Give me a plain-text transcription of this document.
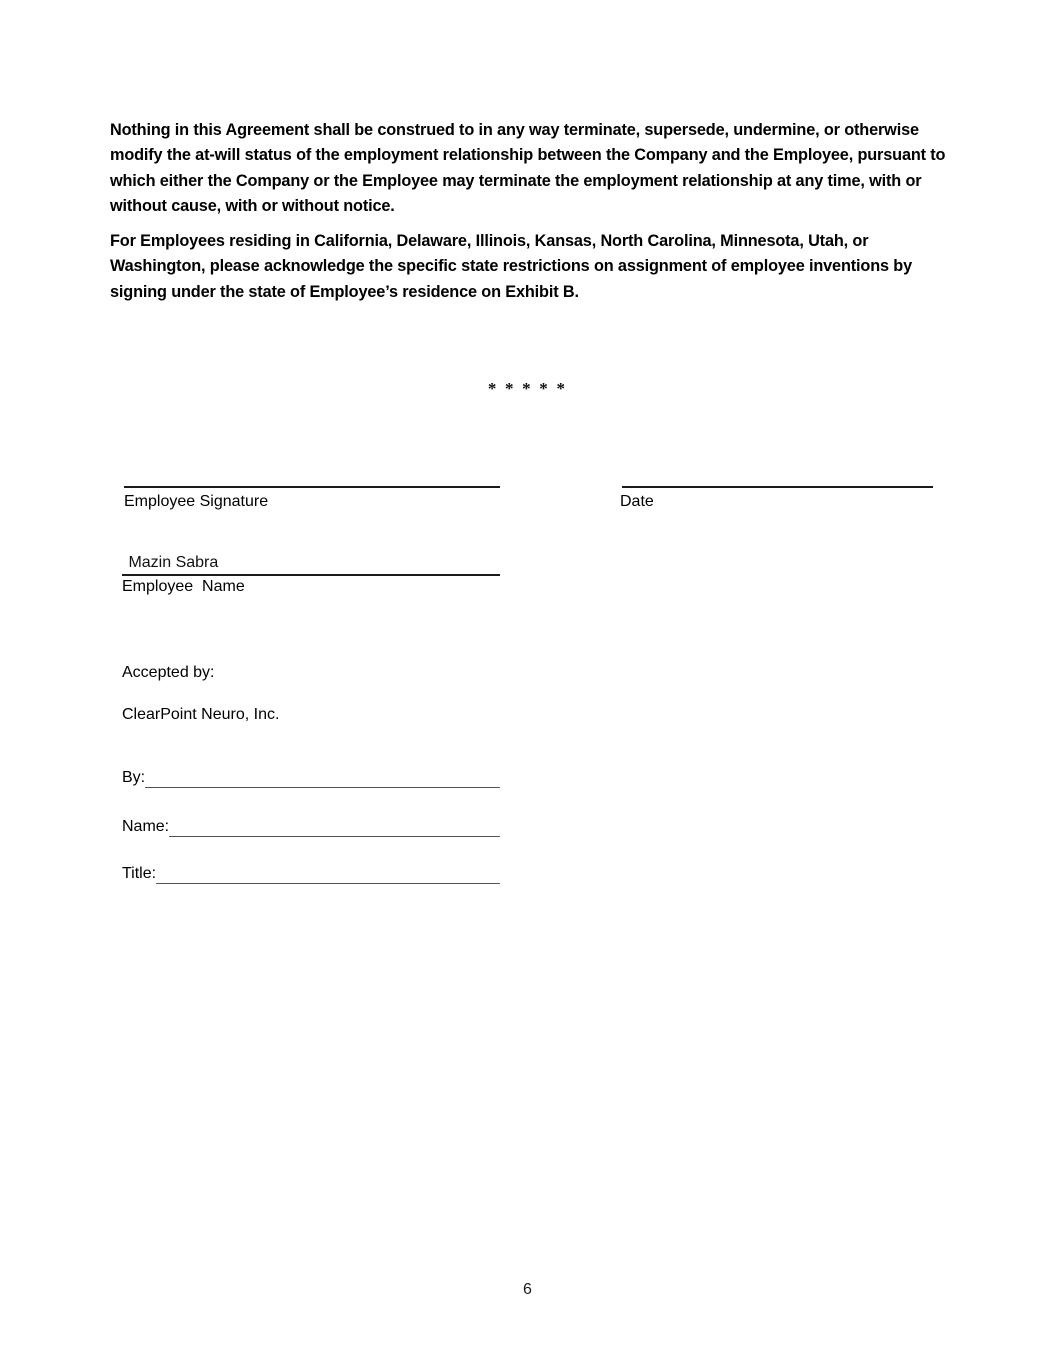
Nothing in this Agreement shall be construed to in any way terminate, supersede, undermine, or otherwise modify the at-will status of the employment relationship between the Company and the Employee, pursuant to which either the Company or the Employee may terminate the employment relationship at any time, with or without cause, with or without notice.

For Employees residing in California, Delaware, Illinois, Kansas, North Carolina, Minnesota, Utah, or Washington, please acknowledge the specific state restrictions on assignment of employee inventions by signing under the state of Employee’s residence on Exhibit B.

* * * * *
Employee Signature	Date
Mazin Sabra
Employee  Name
Accepted by:
ClearPoint Neuro, Inc.
By:
Name:
Title:
6
